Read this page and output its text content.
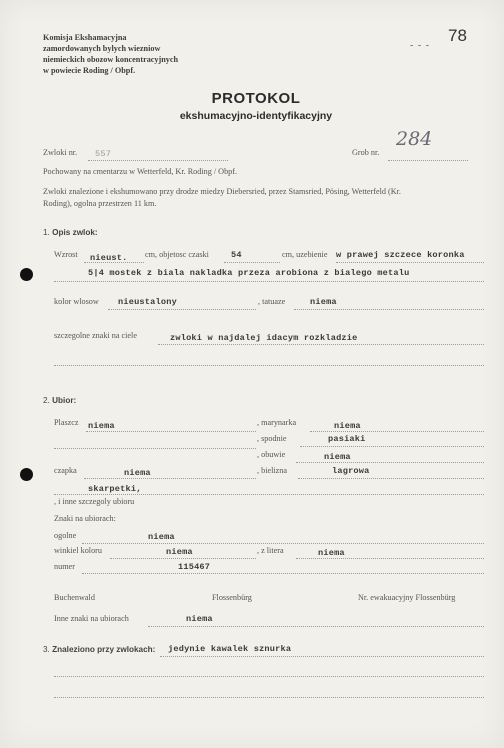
Komisja Ekshamacyjna
zamordowanych bylych wiezniow
niemieckich obozow koncentracyjnych
w powiecie Roding / Obpf.
78
- - -
PROTOKOL
ekshumacyjno-identyfikacyjny
Zwloki nr. 557	Grob nr.
284
Pochowany na cmentarzu w Wetterfeld, Kr. Roding / Obpf.
Zwloki znalezione i ekshumowano przy drodze miedzy Diebersried, przez Stamsried, Pösing, Wetterfeld (Kr.
Roding), ogolna przestrzen 11 km.
1. Opis zwlok:
Wzrost nieust. cm, objetosc czaski	54	cm, uzebienie w prawej szczece koronka
5|4 mostek z biala nakladka przeza arobiona z bialego metalu
kolor wlosow nieustalony	, tatuaze	niema
szczegolne znaki na ciele	zwloki w najdalej idacym rozkladzie
2. Ubior:
Plaszcz niema	, marynarka	niema
, spodnie	pasiaki
, obuwie	niema
czapka	niema	, bielizna	lagrowa
skarpetki,
, i inne szczegoly ubioru
Znaki na ubiorach:
ogolne	niema
winkiel koloru	niema	, z litera	niema
numer	115467
Buchenwald	Flossenbürg	Nr. ewakuacyjny Flossenbürg
Inne znaki na ubiorach	niema
3. Znaleziono przy zwlokach: jedynie kawalek sznurka
